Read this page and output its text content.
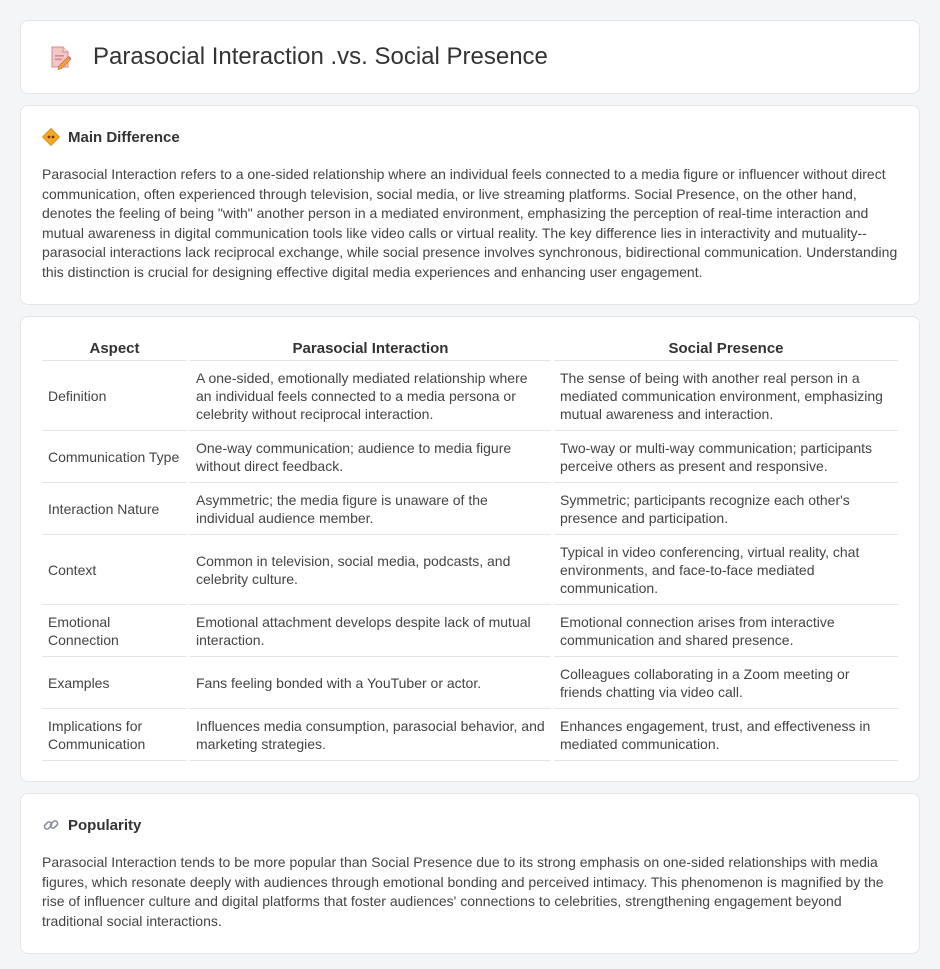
Parasocial Interaction .vs. Social Presence
Main Difference

Parasocial Interaction refers to a one-sided relationship where an individual feels connected to a media figure or influencer without direct communication, often experienced through television, social media, or live streaming platforms. Social Presence, on the other hand, denotes the feeling of being "with" another person in a mediated environment, emphasizing the perception of real-time interaction and mutual awareness in digital communication tools like video calls or virtual reality. The key difference lies in interactivity and mutuality--parasocial interactions lack reciprocal exchange, while social presence involves synchronous, bidirectional communication. Understanding this distinction is crucial for designing effective digital media experiences and enhancing user engagement.

Aspect	Parasocial Interaction	Social Presence
Definition	A one-sided, emotionally mediated relationship where an individual feels connected to a media persona or celebrity without reciprocal interaction.	The sense of being with another real person in a mediated communication environment, emphasizing mutual awareness and interaction.
Communication Type	One-way communication; audience to media figure without direct feedback.	Two-way or multi-way communication; participants perceive others as present and responsive.
Interaction Nature	Asymmetric; the media figure is unaware of the individual audience member.	Symmetric; participants recognize each other's presence and participation.
Context	Common in television, social media, podcasts, and celebrity culture.	Typical in video conferencing, virtual reality, chat environments, and face-to-face mediated communication.
Emotional Connection	Emotional attachment develops despite lack of mutual interaction.	Emotional connection arises from interactive communication and shared presence.
Examples	Fans feeling bonded with a YouTuber or actor.	Colleagues collaborating in a Zoom meeting or friends chatting via video call.
Implications for Communication	Influences media consumption, parasocial behavior, and marketing strategies.	Enhances engagement, trust, and effectiveness in mediated communication.
Popularity

Parasocial Interaction tends to be more popular than Social Presence due to its strong emphasis on one-sided relationships with media figures, which resonate deeply with audiences through emotional bonding and perceived intimacy. This phenomenon is magnified by the rise of influencer culture and digital platforms that foster audiences' connections to celebrities, strengthening engagement beyond traditional social interactions.
